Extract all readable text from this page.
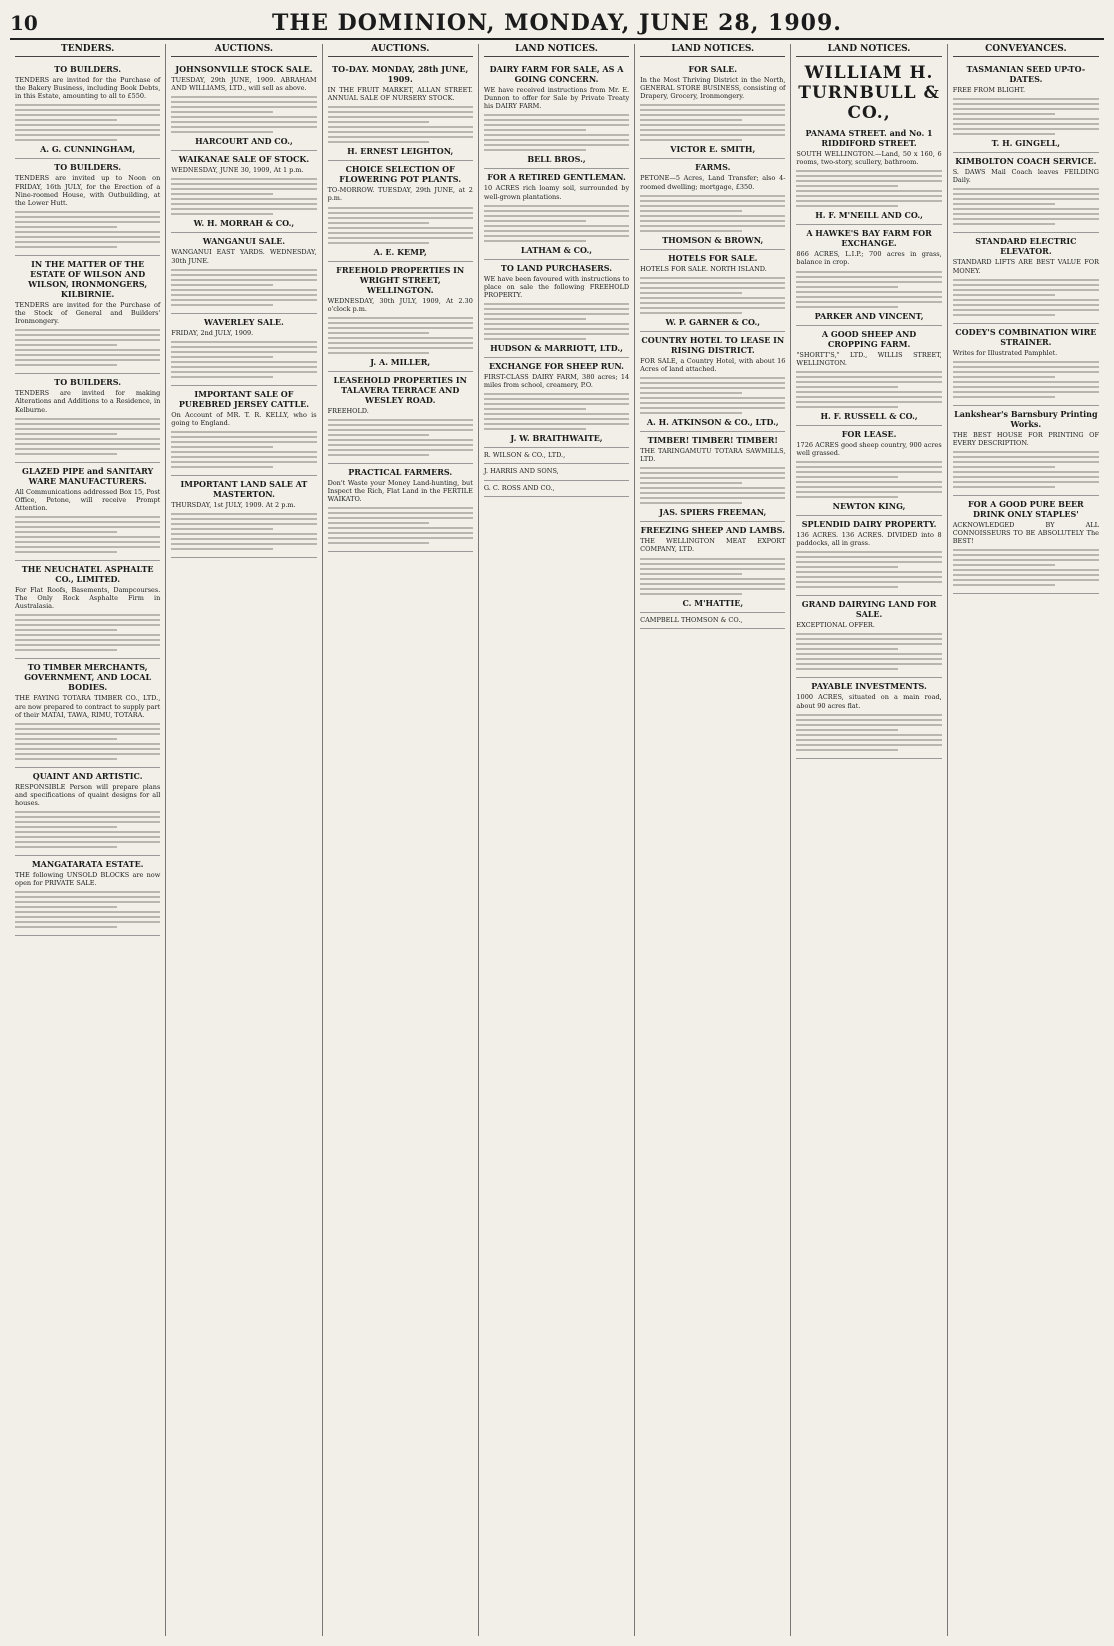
10	THE DOMINION, MONDAY, JUNE 28, 1909.
TENDERS.
TO BUILDERS.

TENDERS are invited for the Purchase of the Bakery Business, including Book Debts, in this Estate, amounting to all to £550.

A. G. CUNNINGHAM,
TO BUILDERS.

TENDERS are invited up to Noon on FRIDAY, 16th JULY, for the Erection of a Nine-roomed House, with Outbuilding, at the Lower Hutt.

IN THE MATTER OF THE ESTATE OF WILSON AND WILSON, IRONMONGERS, KILBIRNIE.

TENDERS are invited for the Purchase of the Stock of General and Builders' Ironmongery.

TO BUILDERS.

TENDERS are invited for making Alterations and Additions to a Residence, in Kelburne.

GLAZED PIPE and SANITARY WARE MANUFACTURERS.

All Communications addressed Box 15, Post Office, Petone, will receive Prompt Attention.

THE NEUCHATEL ASPHALTE CO., LIMITED.

For Flat Roofs, Basements, Dampcourses. The Only Rock Asphalte Firm in Australasia.

TO TIMBER MERCHANTS, GOVERNMENT, AND LOCAL BODIES.

THE FAYING TOTARA TIMBER CO., LTD., are now prepared to contract to supply part of their MATAI, TAWA, RIMU, TOTARA.

QUAINT AND ARTISTIC.

RESPONSIBLE Person will prepare plans and specifications of quaint designs for all houses.

MANGATARATA ESTATE.

THE following UNSOLD BLOCKS are now open for PRIVATE SALE.

AUCTIONS.
JOHNSONVILLE STOCK SALE.

TUESDAY, 29th JUNE, 1909. ABRAHAM AND WILLIAMS, LTD., will sell as above.

HARCOURT AND CO.,
WAIKANAE SALE OF STOCK.

WEDNESDAY, JUNE 30, 1909, At 1 p.m.

W. H. MORRAH & CO.,
WANGANUI SALE.

WANGANUI EAST YARDS. WEDNESDAY, 30th JUNE.

WAVERLEY SALE.

FRIDAY, 2nd JULY, 1909.

IMPORTANT SALE OF PUREBRED JERSEY CATTLE.

On Account of MR. T. R. KELLY, who is going to England.

IMPORTANT LAND SALE AT MASTERTON.

THURSDAY, 1st JULY, 1909. At 2 p.m.

AUCTIONS.
TO-DAY. MONDAY, 28th JUNE, 1909.

IN THE FRUIT MARKET, ALLAN STREET. ANNUAL SALE OF NURSERY STOCK.

H. ERNEST LEIGHTON,
CHOICE SELECTION OF FLOWERING POT PLANTS.

TO-MORROW. TUESDAY, 29th JUNE, at 2 p.m.

A. E. KEMP,
FREEHOLD PROPERTIES IN WRIGHT STREET, WELLINGTON.

WEDNESDAY, 30th JULY, 1909, At 2.30 o'clock p.m.

J. A. MILLER,
LEASEHOLD PROPERTIES IN TALAVERA TERRACE AND WESLEY ROAD.

FREEHOLD.

PRACTICAL FARMERS.

Don't Waste your Money Land-hunting, but Inspect the Rich, Flat Land in the FERTILE WAIKATO.

LAND NOTICES.
DAIRY FARM FOR SALE, AS A GOING CONCERN.

WE have received instructions from Mr. E. Dunnon to offer for Sale by Private Treaty his DAIRY FARM.

BELL BROS.,
FOR A RETIRED GENTLEMAN.

10 ACRES rich loamy soil, surrounded by well-grown plantations.

LATHAM & CO.,
TO LAND PURCHASERS.

WE have been favoured with instructions to place on sale the following FREEHOLD PROPERTY.

HUDSON & MARRIOTT, LTD.,
EXCHANGE FOR SHEEP RUN.

FIRST-CLASS DAIRY FARM, 380 acres; 14 miles from school, creamery, P.O.

J. W. BRAITHWAITE,
R. WILSON & CO., LTD.,
J. HARRIS AND SONS,
G. C. ROSS AND CO.,
LAND NOTICES.
FOR SALE.

In the Most Thriving District in the North, GENERAL STORE BUSINESS, consisting of Drapery, Grocery, Ironmongery.

VICTOR E. SMITH,
FARMS.

PETONE—5 Acres, Land Transfer; also 4-roomed dwelling; mortgage, £350.

THOMSON & BROWN,
HOTELS FOR SALE.

HOTELS FOR SALE. NORTH ISLAND.

W. P. GARNER & CO.,
COUNTRY HOTEL TO LEASE IN RISING DISTRICT.

FOR SALE, a Country Hotel, with about 16 Acres of land attached.

A. H. ATKINSON & CO., LTD.,
TIMBER! TIMBER! TIMBER!

THE TARINGAMUTU TOTARA SAWMILLS, LTD.

JAS. SPIERS FREEMAN,
FREEZING SHEEP AND LAMBS.

THE WELLINGTON MEAT EXPORT COMPANY, LTD.

C. M'HATTIE,
CAMPBELL THOMSON & CO.,
LAND NOTICES.
WILLIAM H. TURNBULL & CO.,
PANAMA STREET. and No. 1 RIDDIFORD STREET.

SOUTH WELLINGTON.—Land, 50 x 160, 6 rooms, two-story, scullery, bathroom.

H. F. M'NEILL AND CO.,
A HAWKE'S BAY FARM FOR EXCHANGE.

866 ACRES, L.I.P.; 700 acres in grass, balance in crop.

PARKER AND VINCENT,
A GOOD SHEEP AND CROPPING FARM.

"SHORTT'S," LTD., WILLIS STREET, WELLINGTON.

H. F. RUSSELL & CO.,
FOR LEASE.

1726 ACRES good sheep country, 900 acres well grassed.

NEWTON KING,
SPLENDID DAIRY PROPERTY.

136 ACRES. 136 ACRES. DIVIDED into 8 paddocks, all in grass.

GRAND DAIRYING LAND FOR SALE.

EXCEPTIONAL OFFER.

PAYABLE INVESTMENTS.

1000 ACRES, situated on a main road, about 90 acres flat.

CONVEYANCES.
TASMANIAN SEED UP-TO-DATES.

FREE FROM BLIGHT.

T. H. GINGELL,
KIMBOLTON COACH SERVICE.

S. DAWS Mail Coach leaves FEILDING Daily.

STANDARD ELECTRIC ELEVATOR.

STANDARD LIFTS ARE BEST VALUE FOR MONEY.

CODEY'S COMBINATION WIRE STRAINER.

Writes for Illustrated Pamphlet.

Lankshear's Barnsbury Printing Works.

THE BEST HOUSE FOR PRINTING OF EVERY DESCRIPTION.

FOR A GOOD PURE BEER DRINK ONLY STAPLES'

ACKNOWLEDGED BY ALL CONNOISSEURS TO BE ABSOLUTELY The BEST!
